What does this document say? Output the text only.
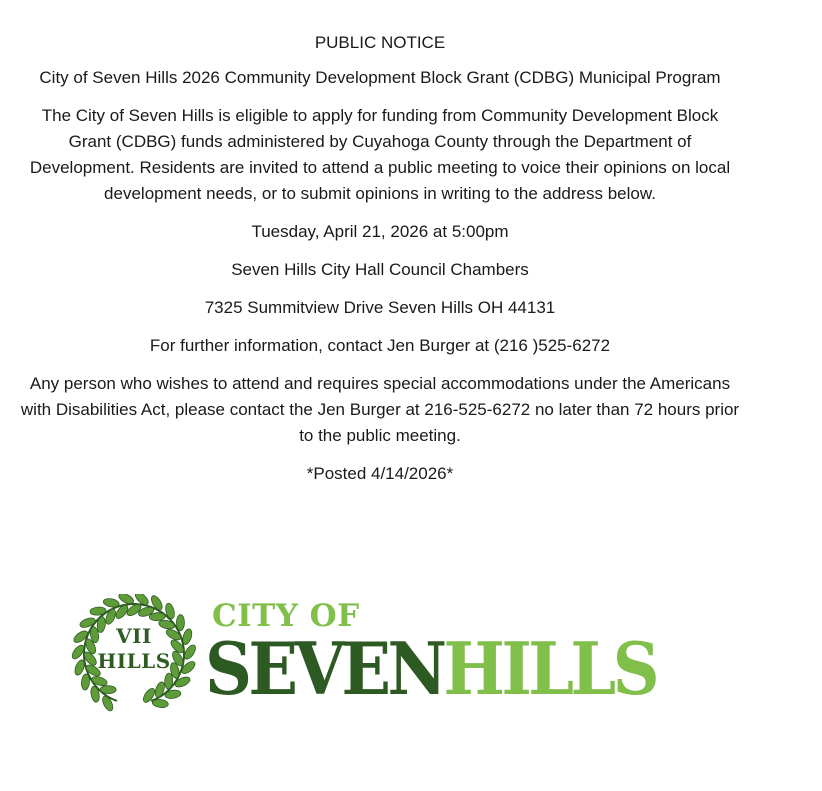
PUBLIC NOTICE

City of Seven Hills 2026 Community Development Block Grant (CDBG) Municipal Program

The City of Seven Hills is eligible to apply for funding from Community Development Block Grant (CDBG) funds administered by Cuyahoga County through the Department of Development. Residents are invited to attend a public meeting to voice their opinions on local development needs, or to submit opinions in writing to the address below.

Tuesday, April 21, 2026 at 5:00pm

Seven Hills City Hall Council Chambers

7325 Summitview Drive Seven Hills OH 44131

For further information, contact Jen Burger at (216 )525-6272

Any person who wishes to attend and requires special accommodations under the Americans with Disabilities Act, please contact the Jen Burger at 216-525-6272 no later than 72 hours prior to the public meeting.

*Posted 4/14/2026*

VII
HILLS
CITY OF
SEVENHILLS
